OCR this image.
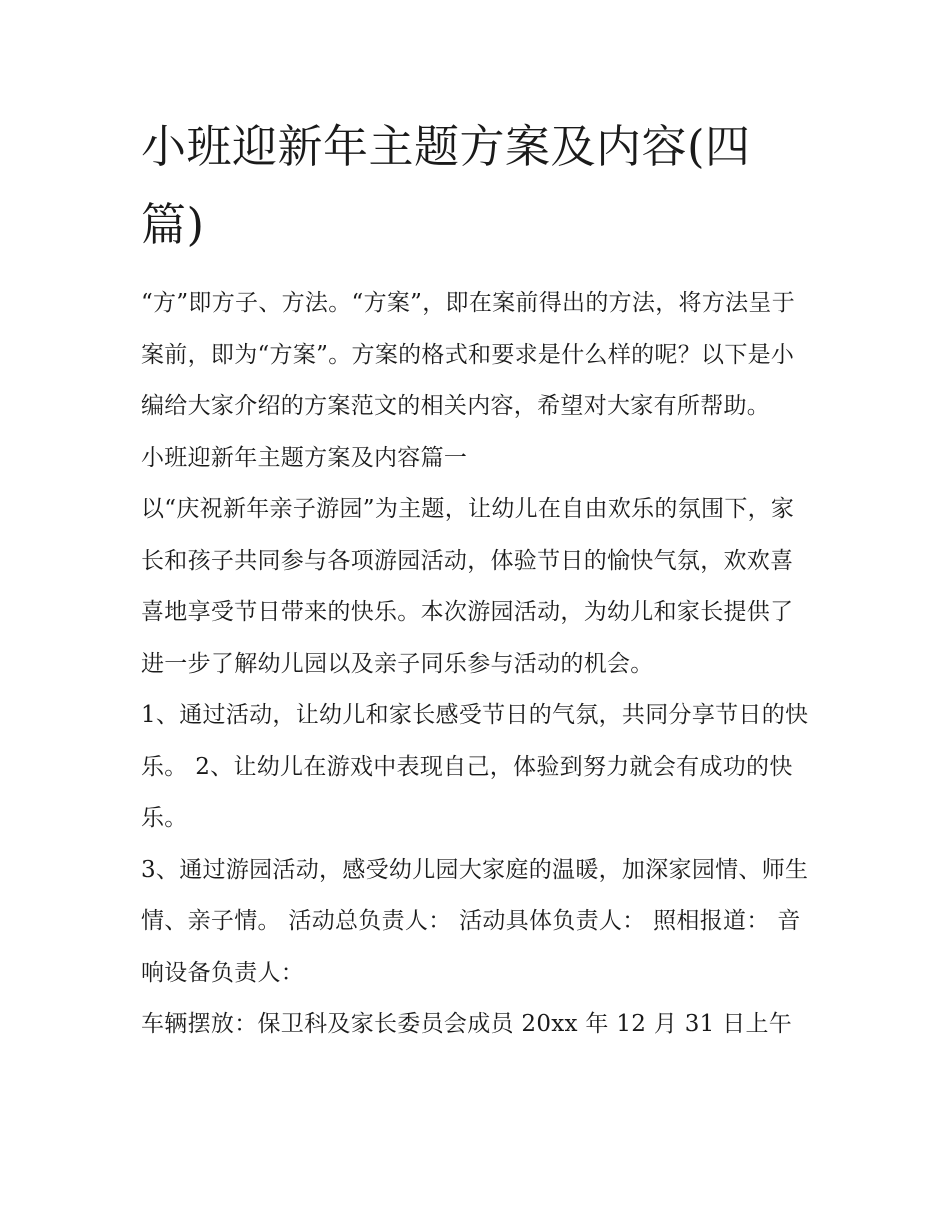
小班迎新年主题方案及内容(四篇)

“方”即方子、方法。“方案”，即在案前得出的方法，将方法呈于案前，即为“方案”。方案的格式和要求是什么样的呢？以下是小编给大家介绍的方案范文的相关内容，希望对大家有所帮助。

小班迎新年主题方案及内容篇一

以“庆祝新年亲子游园”为主题，让幼儿在自由欢乐的氛围下，家长和孩子共同参与各项游园活动，体验节日的愉快气氛，欢欢喜喜地享受节日带来的快乐。本次游园活动，为幼儿和家长提供了进一步了解幼儿园以及亲子同乐参与活动的机会。

1、通过活动，让幼儿和家长感受节日的气氛，共同分享节日的快乐。 2、让幼儿在游戏中表现自己，体验到努力就会有成功的快乐。

3、通过游园活动，感受幼儿园大家庭的温暖，加深家园情、师生情、亲子情。 活动总负责人： 活动具体负责人： 照相报道： 音响设备负责人：

车辆摆放：保卫科及家长委员会成员 20xx 年 12 月 31 日上午
